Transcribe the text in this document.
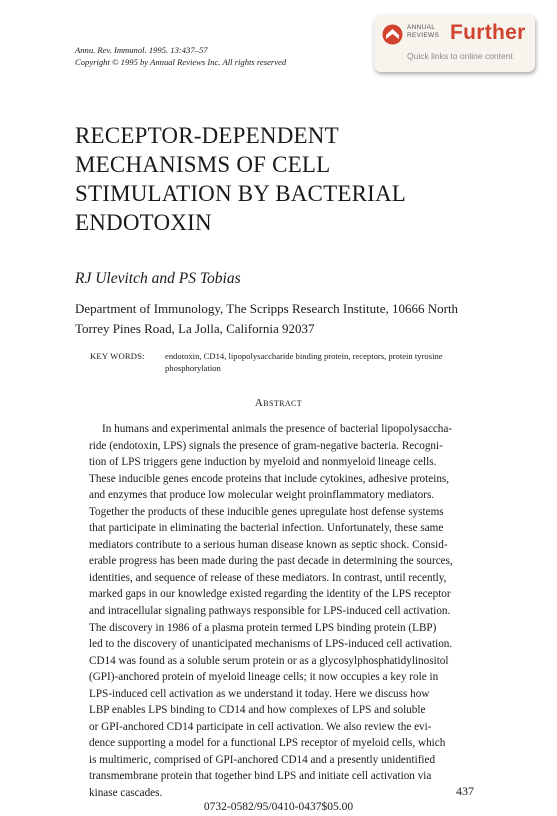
Annu. Rev. Immunol. 1995. 13:437–57
Copyright © 1995 by Annual Reviews Inc. All rights reserved
ANNUAL
REVIEWS Further
Quick links to online content
RECEPTOR-DEPENDENT
MECHANISMS OF CELL
STIMULATION BY BACTERIAL
ENDOTOXIN
RJ Ulevitch and PS Tobias
Department of Immunology, The Scripps Research Institute, 10666 North
Torrey Pines Road, La Jolla, California 92037
KEY WORDS: endotoxin, CD14, lipopolysaccharide binding protein, receptors, protein tyrosine phosphorylation
Abstract
In humans and experimental animals the presence of bacterial lipopolysaccha-
ride (endotoxin, LPS) signals the presence of gram-negative bacteria. Recogni-
tion of LPS triggers gene induction by myeloid and nonmyeloid lineage cells.
These inducible genes encode proteins that include cytokines, adhesive proteins,
and enzymes that produce low molecular weight proinflammatory mediators.
Together the products of these inducible genes upregulate host defense systems
that participate in eliminating the bacterial infection. Unfortunately, these same
mediators contribute to a serious human disease known as septic shock. Consid-
erable progress has been made during the past decade in determining the sources,
identities, and sequence of release of these mediators. In contrast, until recently,
marked gaps in our knowledge existed regarding the identity of the LPS receptor
and intracellular signaling pathways responsible for LPS-induced cell activation.
The discovery in 1986 of a plasma protein termed LPS binding protein (LBP)
led to the discovery of unanticipated mechanisms of LPS-induced cell activation.
CD14 was found as a soluble serum protein or as a glycosylphosphatidylinositol
(GPI)-anchored protein of myeloid lineage cells; it now occupies a key role in
LPS-induced cell activation as we understand it today. Here we discuss how
LBP enables LPS binding to CD14 and how complexes of LPS and soluble
or GPI-anchored CD14 participate in cell activation. We also review the evi-
dence supporting a model for a functional LPS receptor of myeloid cells, which
is multimeric, comprised of GPI-anchored CD14 and a presently unidentified
transmembrane protein that together bind LPS and initiate cell activation via
kinase cascades.	437
0732-0582/95/0410-0437$05.00
